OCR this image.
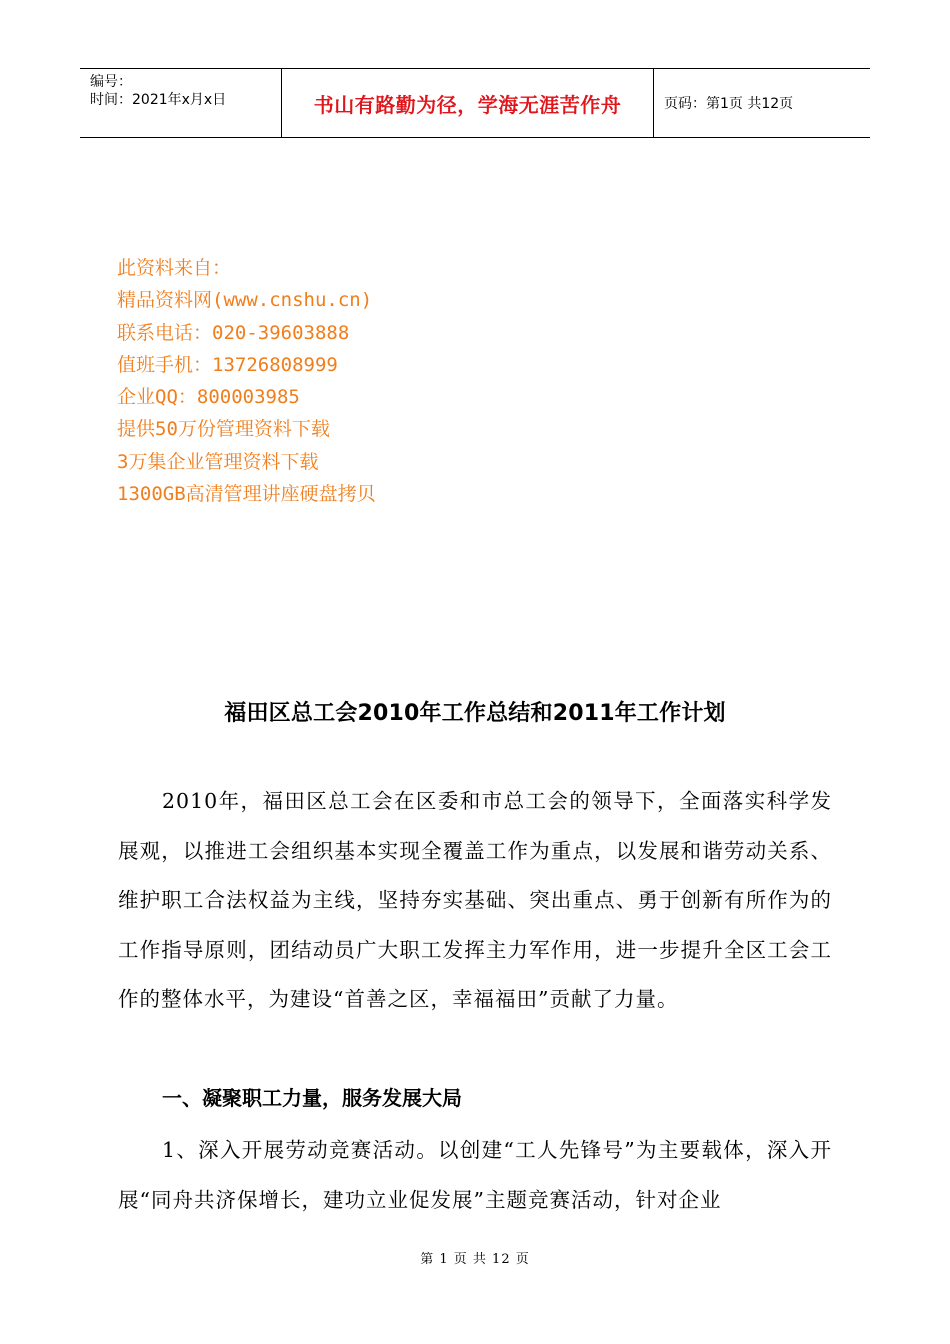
编号：
时间：2021年x月x日	书山有路勤为径，学海无涯苦作舟	页码：第1页 共12页
此资料来自：
精品资料网(www.cnshu.cn)
联系电话：020-39603888
值班手机：13726808999
企业QQ：800003985
提供50万份管理资料下载
3万集企业管理资料下载
1300GB高清管理讲座硬盘拷贝
福田区总工会2010年工作总结和2011年工作计划

2010年，福田区总工会在区委和市总工会的领导下，全面落实科学发展观，以推进工会组织基本实现全覆盖工作为重点，以发展和谐劳动关系、维护职工合法权益为主线，坚持夯实基础、突出重点、勇于创新有所作为的工作指导原则，团结动员广大职工发挥主力军作用，进一步提升全区工会工作的整体水平，为建设“首善之区，幸福福田”贡献了力量。

一、凝聚职工力量，服务发展大局

1、深入开展劳动竞赛活动。以创建“工人先锋号”为主要载体，深入开展“同舟共济保增长，建功立业促发展”主题竞赛活动，针对企业

第 1 页 共 12 页
